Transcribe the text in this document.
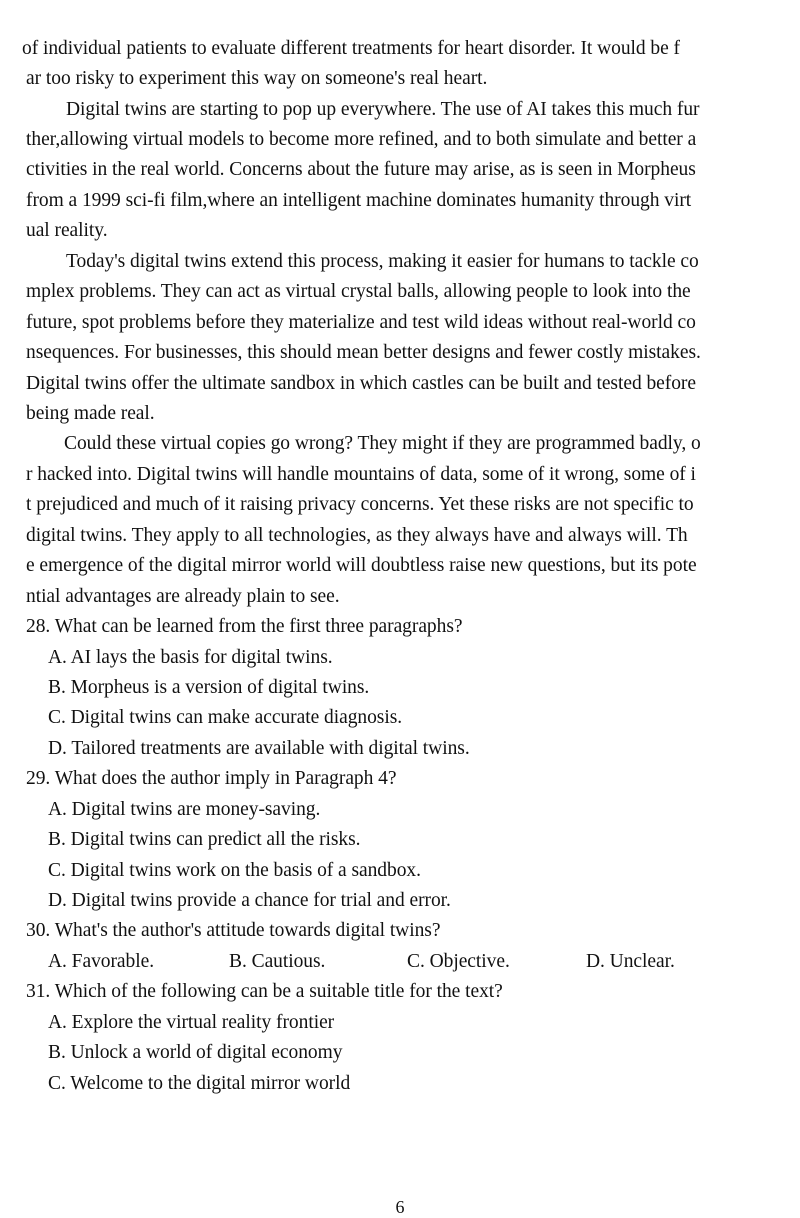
of individual patients to evaluate different treatments for heart disorder. It would be f
ar too risky to experiment this way on someone's real heart.
Digital twins are starting to pop up everywhere. The use of AI takes this much fur
ther,allowing virtual models to become more refined, and to both simulate and better a
ctivities in the real world. Concerns about the future may arise, as is seen in Morpheus
from a 1999 sci-fi film,where an intelligent machine dominates humanity through virt
ual reality.
Today's digital twins extend this process, making it easier for humans to tackle co
mplex problems. They can act as virtual crystal balls, allowing people to look into the
future, spot problems before they materialize and test wild ideas without real-world co
nsequences. For businesses, this should mean better designs and fewer costly mistakes.
Digital twins offer the ultimate sandbox in which castles can be built and tested before
being made real.
Could these virtual copies go wrong? They might if they are programmed badly, o
r hacked into. Digital twins will handle mountains of data, some of it wrong, some of i
t prejudiced and much of it raising privacy concerns. Yet these risks are not specific to
digital twins. They apply to all technologies, as they always have and always will. Th
e emergence of the digital mirror world will doubtless raise new questions, but its pote
ntial advantages are already plain to see.
28. What can be learned from the first three paragraphs?
A. AI lays the basis for digital twins.
B. Morpheus is a version of digital twins.
C. Digital twins can make accurate diagnosis.
D. Tailored treatments are available with digital twins.
29. What does the author imply in Paragraph 4?
A. Digital twins are money-saving.
B. Digital twins can predict all the risks.
C. Digital twins work on the basis of a sandbox.
D. Digital twins provide a chance for trial and error.
30. What's the author's attitude towards digital twins?
A. Favorable.	B. Cautious.	C. Objective.	D. Unclear.
31. Which of the following can be a suitable title for the text?
A. Explore the virtual reality frontier
B. Unlock a world of digital economy
C. Welcome to the digital mirror world
6
